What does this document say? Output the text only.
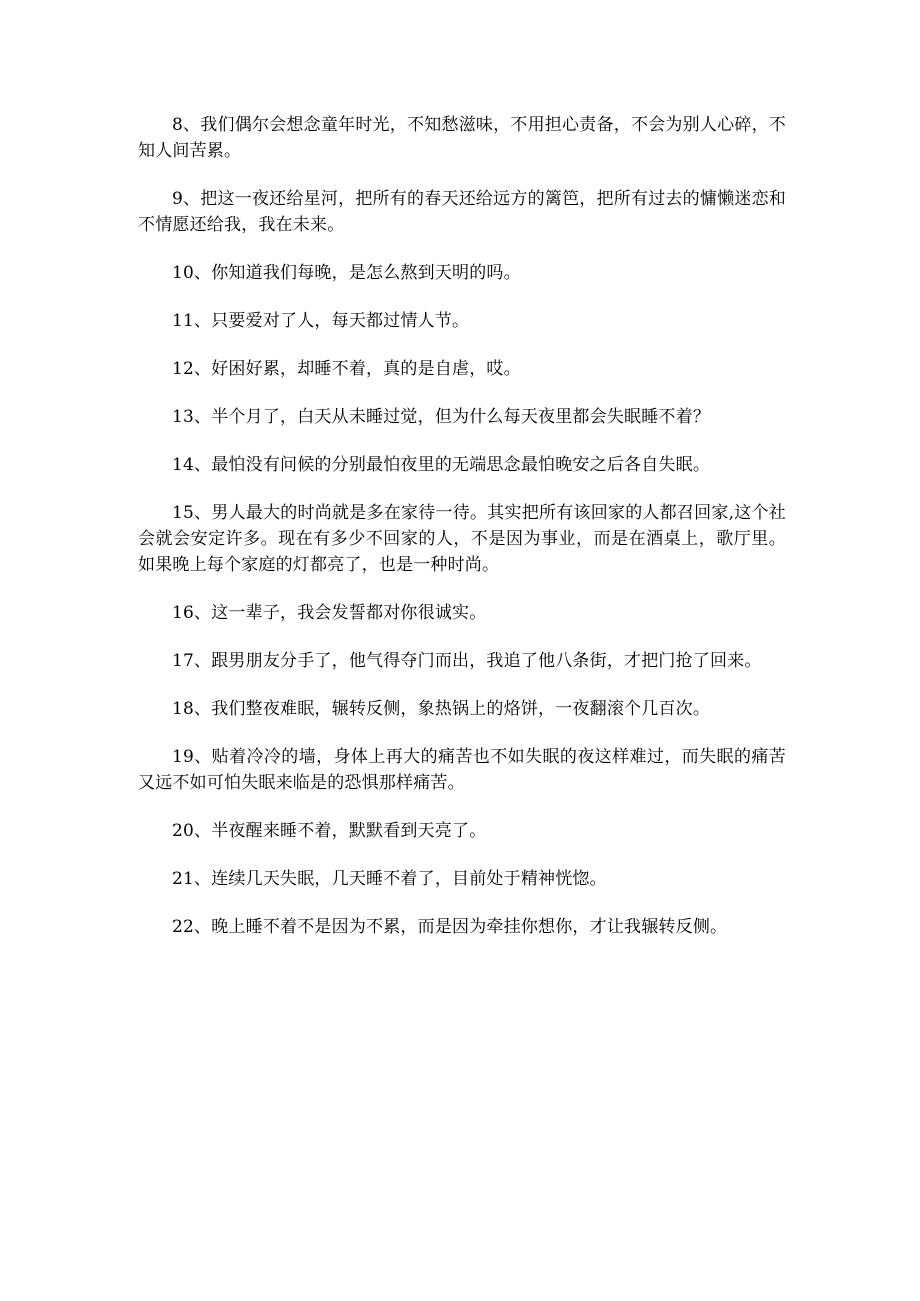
8、我们偶尔会想念童年时光，不知愁滋味，不用担心责备，不会为别人心碎，不知人间苦累。

9、把这一夜还给星河，把所有的春天还给远方的篱笆，把所有过去的慵懒迷恋和不情愿还给我，我在未来。

10、你知道我们每晚，是怎么熬到天明的吗。

11、只要爱对了人，每天都过情人节。

12、好困好累，却睡不着，真的是自虐，哎。

13、半个月了，白天从未睡过觉，但为什么每天夜里都会失眠睡不着？

14、最怕没有问候的分别最怕夜里的无端思念最怕晚安之后各自失眠。

15、男人最大的时尚就是多在家待一待。其实把所有该回家的人都召回家,这个社会就会安定许多。现在有多少不回家的人，不是因为事业，而是在酒桌上，歌厅里。如果晚上每个家庭的灯都亮了，也是一种时尚。

16、这一辈子，我会发誓都对你很诚实。

17、跟男朋友分手了，他气得夺门而出，我追了他八条街，才把门抢了回来。

18、我们整夜难眠，辗转反侧，象热锅上的烙饼，一夜翻滚个几百次。

19、贴着冷冷的墙，身体上再大的痛苦也不如失眠的夜这样难过，而失眠的痛苦又远不如可怕失眠来临是的恐惧那样痛苦。

20、半夜醒来睡不着，默默看到天亮了。

21、连续几天失眠，几天睡不着了，目前处于精神恍惚。

22、晚上睡不着不是因为不累，而是因为牵挂你想你，才让我辗转反侧。
